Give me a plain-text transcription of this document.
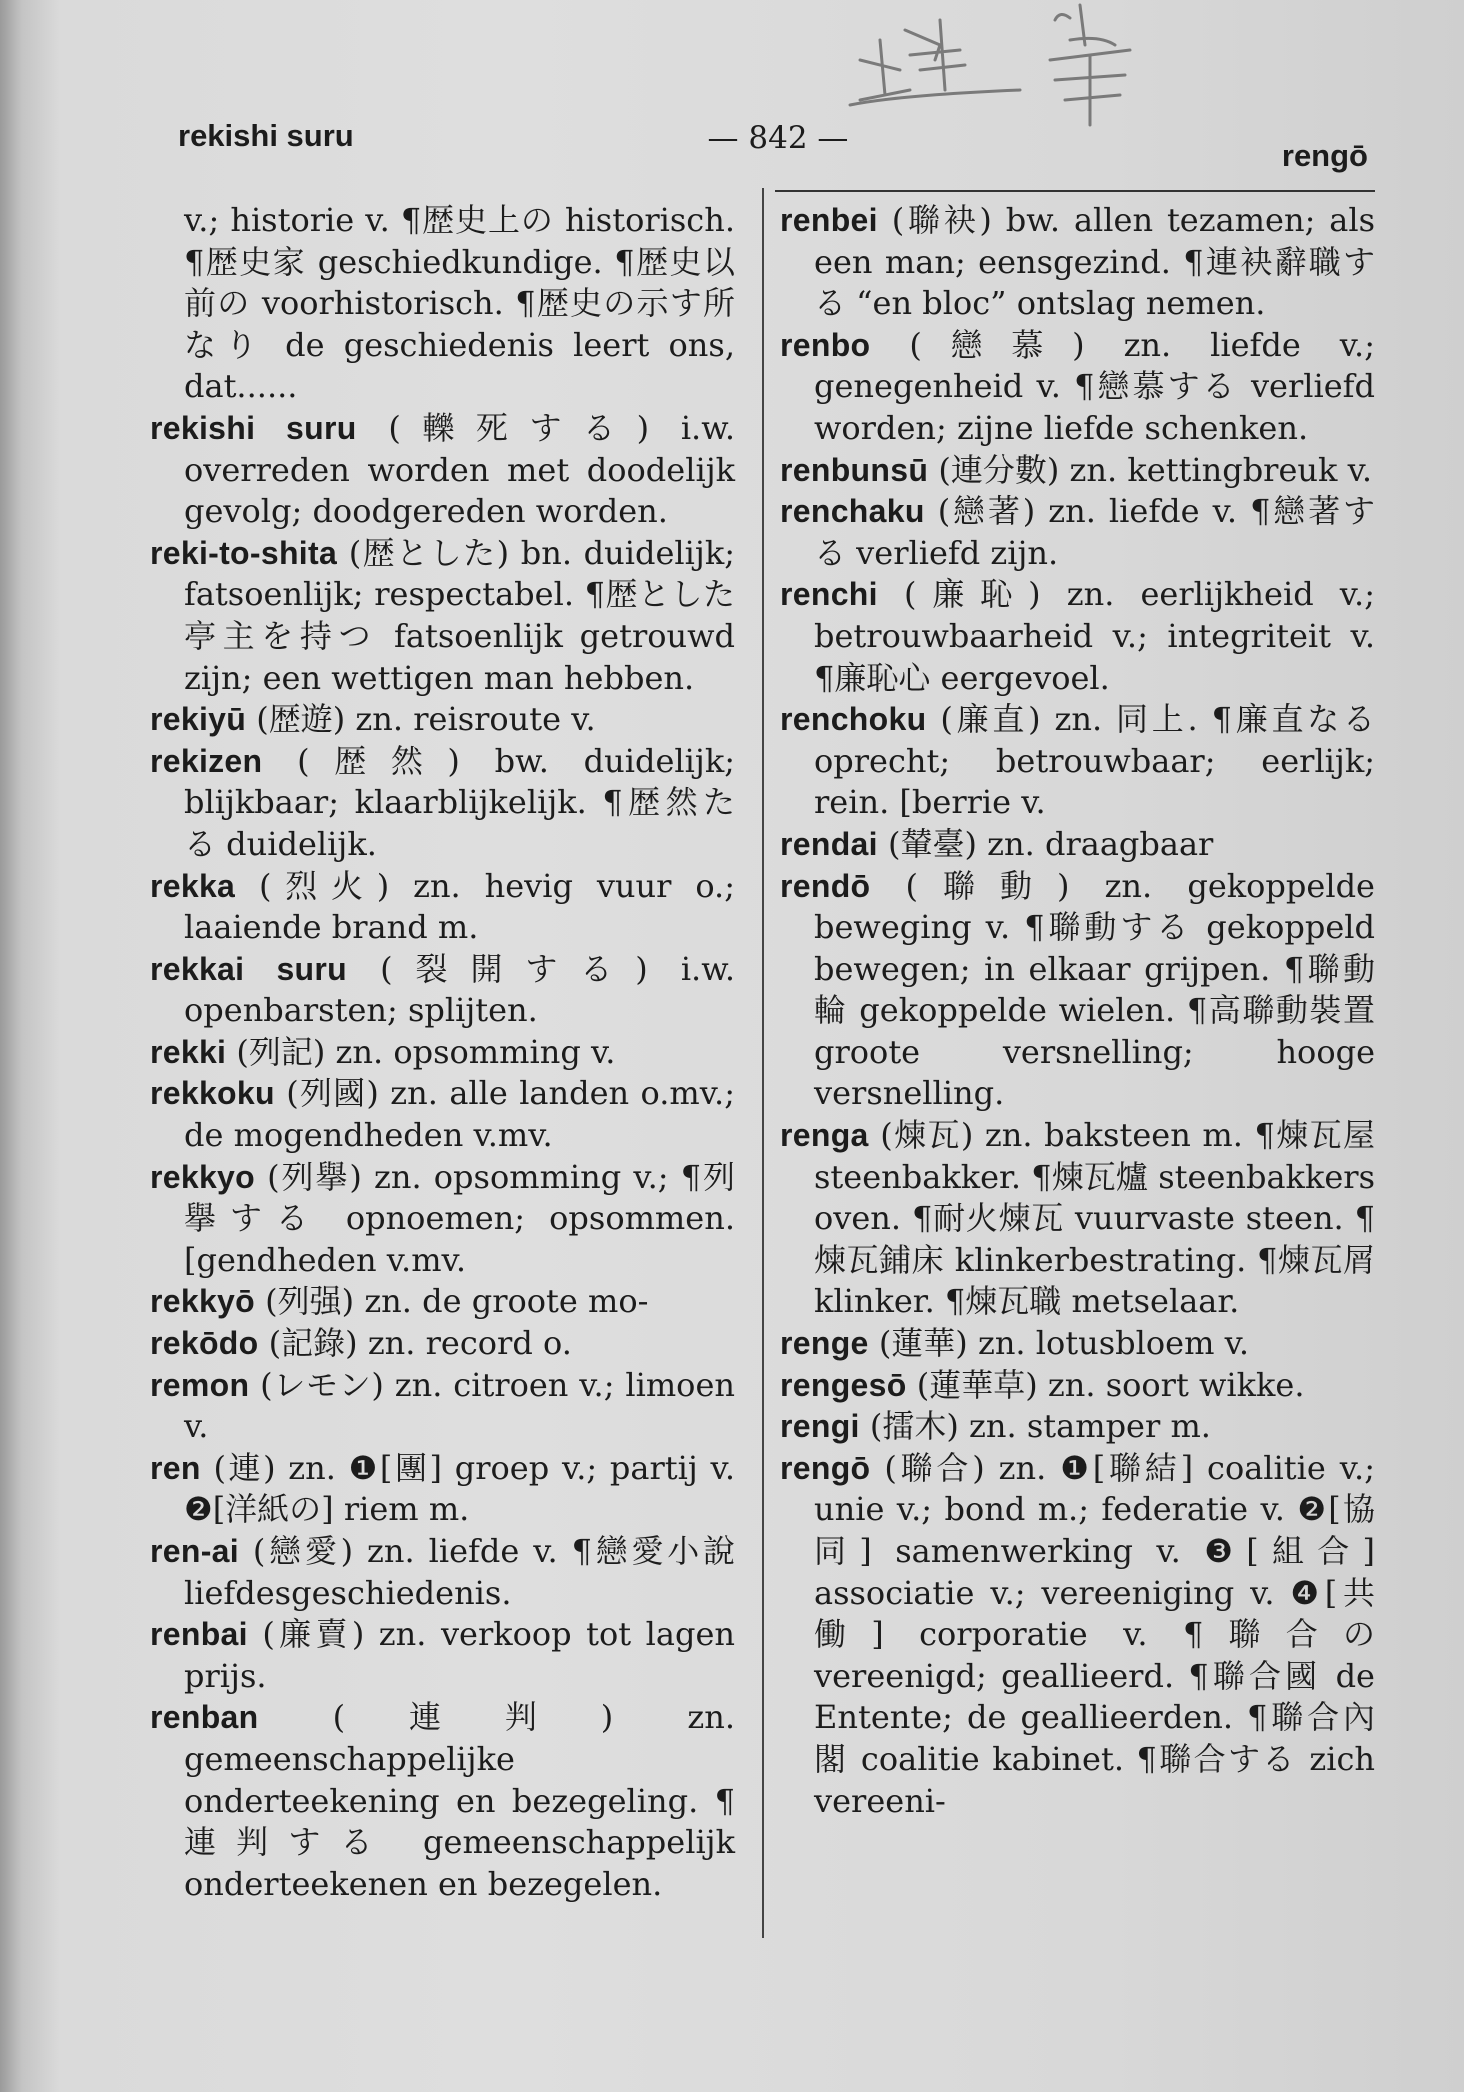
rekishi suru	— 842 —	rengō

v.; historie v. ¶歴史上の historisch. ¶歴史家 geschiedkundige. ¶歴史以前の voorhistorisch. ¶歴史の示す所なり de geschiedenis leert ons, dat......

rekishi suru (轢死する) i.w. overreden worden met doodelijk gevolg; doodgereden worden.

reki-to-shita (歴とした) bn. duidelijk; fatsoenlijk; respectabel. ¶歴とした亭主を持つ fatsoenlijk getrouwd zijn; een wettigen man hebben.

rekiyū (歴遊) zn. reisroute v.

rekizen (歴然) bw. duidelijk; blijkbaar; klaarblijkelijk. ¶歴然たる duidelijk.

rekka (烈火) zn. hevig vuur o.; laaiende brand m.

rekkai suru (裂開する) i.w. openbarsten; splijten.

rekki (列記) zn. opsomming v.

rekkoku (列國) zn. alle landen o.mv.; de mogendheden v.mv.

rekkyo (列擧) zn. opsomming v.; ¶列擧する opnoemen; opsommen. [gendheden v.mv.

rekkyō (列强) zn. de groote mo-

rekōdo (記錄) zn. record o.

remon (レモン) zn. citroen v.; limoen v.

ren (連) zn. ❶[團] groep v.; partij v. ❷[洋紙の] riem m.

ren-ai (戀愛) zn. liefde v. ¶戀愛小說 liefdesgeschiedenis.

renbai (廉賣) zn. verkoop tot lagen prijs.

renban (連判) zn. gemeenschappelijke onderteekening en bezegeling. ¶連判する gemeenschappelijk onderteekenen en bezegelen.

renbei (聯袂) bw. allen tezamen; als een man; eensgezind. ¶連袂辭職する “en bloc” ontslag nemen.

renbo (戀慕) zn. liefde v.; genegenheid v. ¶戀慕する verliefd worden; zijne liefde schenken.

renbunsū (連分數) zn. kettingbreuk v.

renchaku (戀著) zn. liefde v. ¶戀著する verliefd zijn.

renchi (廉恥) zn. eerlijkheid v.; betrouwbaarheid v.; integriteit v. ¶廉恥心 eergevoel.

renchoku (廉直) zn. 同上. ¶廉直なる oprecht; betrouwbaar; eerlijk; rein. [berrie v.

rendai (輦臺) zn. draagbaar

rendō (聯動) zn. gekoppelde beweging v. ¶聯動する gekoppeld bewegen; in elkaar grijpen. ¶聯動輪 gekoppelde wielen. ¶高聯動裝置 groote versnelling; hooge versnelling.

renga (煉瓦) zn. baksteen m. ¶煉瓦屋 steenbakker. ¶煉瓦爐 steenbakkers oven. ¶耐火煉瓦 vuurvaste steen. ¶煉瓦鋪床 klinkerbestrating. ¶煉瓦屑 klinker. ¶煉瓦職 metselaar.

renge (蓮華) zn. lotusbloem v.

rengesō (蓮華草) zn. soort wikke.

rengi (擂木) zn. stamper m.

rengō (聯合) zn. ❶[聯結] coalitie v.; unie v.; bond m.; federatie v. ❷[協同] samenwerking v. ❸[組合] associatie v.; vereeniging v. ❹[共働] corporatie v. ¶聯合の vereenigd; geallieerd. ¶聯合國 de Entente; de geallieerden. ¶聯合內閣 coalitie kabinet. ¶聯合する zich vereeni-
